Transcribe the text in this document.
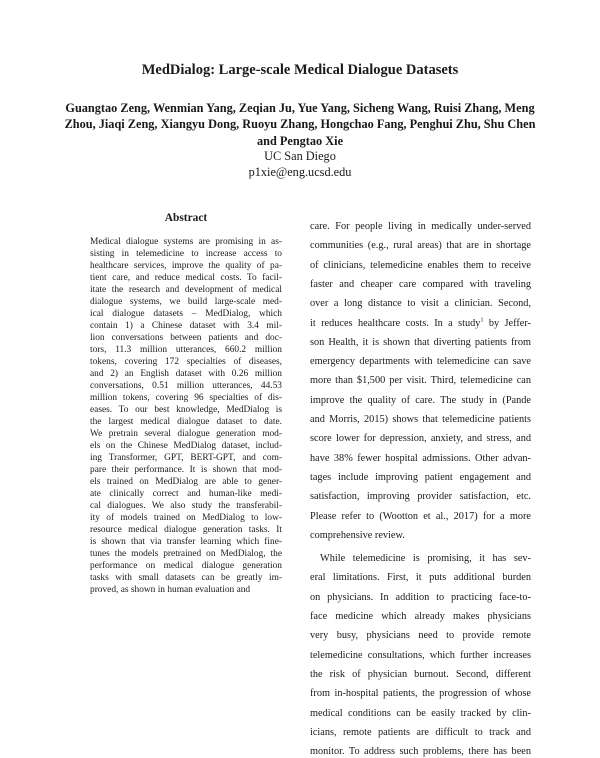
MedDialog: Large-scale Medical Dialogue Datasets
Guangtao Zeng, Wenmian Yang, Zeqian Ju, Yue Yang, Sicheng Wang, Ruisi Zhang, Meng Zhou, Jiaqi Zeng, Xiangyu Dong, Ruoyu Zhang, Hongchao Fang, Penghui Zhu, Shu Chen and Pengtao Xie
UC San Diego
p1xie@eng.ucsd.edu
Abstract
Medical dialogue systems are promising in as-
sisting in telemedicine to increase access to
healthcare services, improve the quality of pa-
tient care, and reduce medical costs. To facil-
itate the research and development of medical
dialogue systems, we build large-scale med-
ical dialogue datasets – MedDialog, which
contain 1) a Chinese dataset with 3.4 mil-
lion conversations between patients and doc-
tors, 11.3 million utterances, 660.2 million
tokens, covering 172 specialties of diseases,
and 2) an English dataset with 0.26 million
conversations, 0.51 million utterances, 44.53
million tokens, covering 96 specialties of dis-
eases. To our best knowledge, MedDialog is
the largest medical dialogue dataset to date.
We pretrain several dialogue generation mod-
els on the Chinese MedDialog dataset, includ-
ing Transformer, GPT, BERT-GPT, and com-
pare their performance. It is shown that mod-
els trained on MedDialog are able to gener-
ate clinically correct and human-like medi-
cal dialogues. We also study the transferabil-
ity of models trained on MedDialog to low-
resource medical dialogue generation tasks. It
is shown that via transfer learning which fine-
tunes the models pretrained on MedDialog, the
performance on medical dialogue generation
tasks with small datasets can be greatly im-
proved, as shown in human evaluation and
care. For people living in medically under-served
communities (e.g., rural areas) that are in shortage
of clinicians, telemedicine enables them to receive
faster and cheaper care compared with traveling
over a long distance to visit a clinician. Second,
it reduces healthcare costs. In a study$^1$ by Jeffer-
son Health, it is shown that diverting patients from
emergency departments with telemedicine can save
more than $1,500 per visit. Third, telemedicine can
improve the quality of care. The study in (Pande
and Morris, 2015) shows that telemedicine patients
score lower for depression, anxiety, and stress, and
have 38% fewer hospital admissions. Other advan-
tages include improving patient engagement and
satisfaction, improving provider satisfaction, etc.
Please refer to (Wootton et al., 2017) for a more
comprehensive review.
While telemedicine is promising, it has sev-
eral limitations. First, it puts additional burden
on physicians. In addition to practicing face-to-
face medicine which already makes physicians
very busy, physicians need to provide remote
telemedicine consultations, which further increases
the risk of physician burnout. Second, different
from in-hospital patients, the progression of whose
medical conditions can be easily tracked by clin-
icians, remote patients are difficult to track and
monitor. To address such problems, there has been
